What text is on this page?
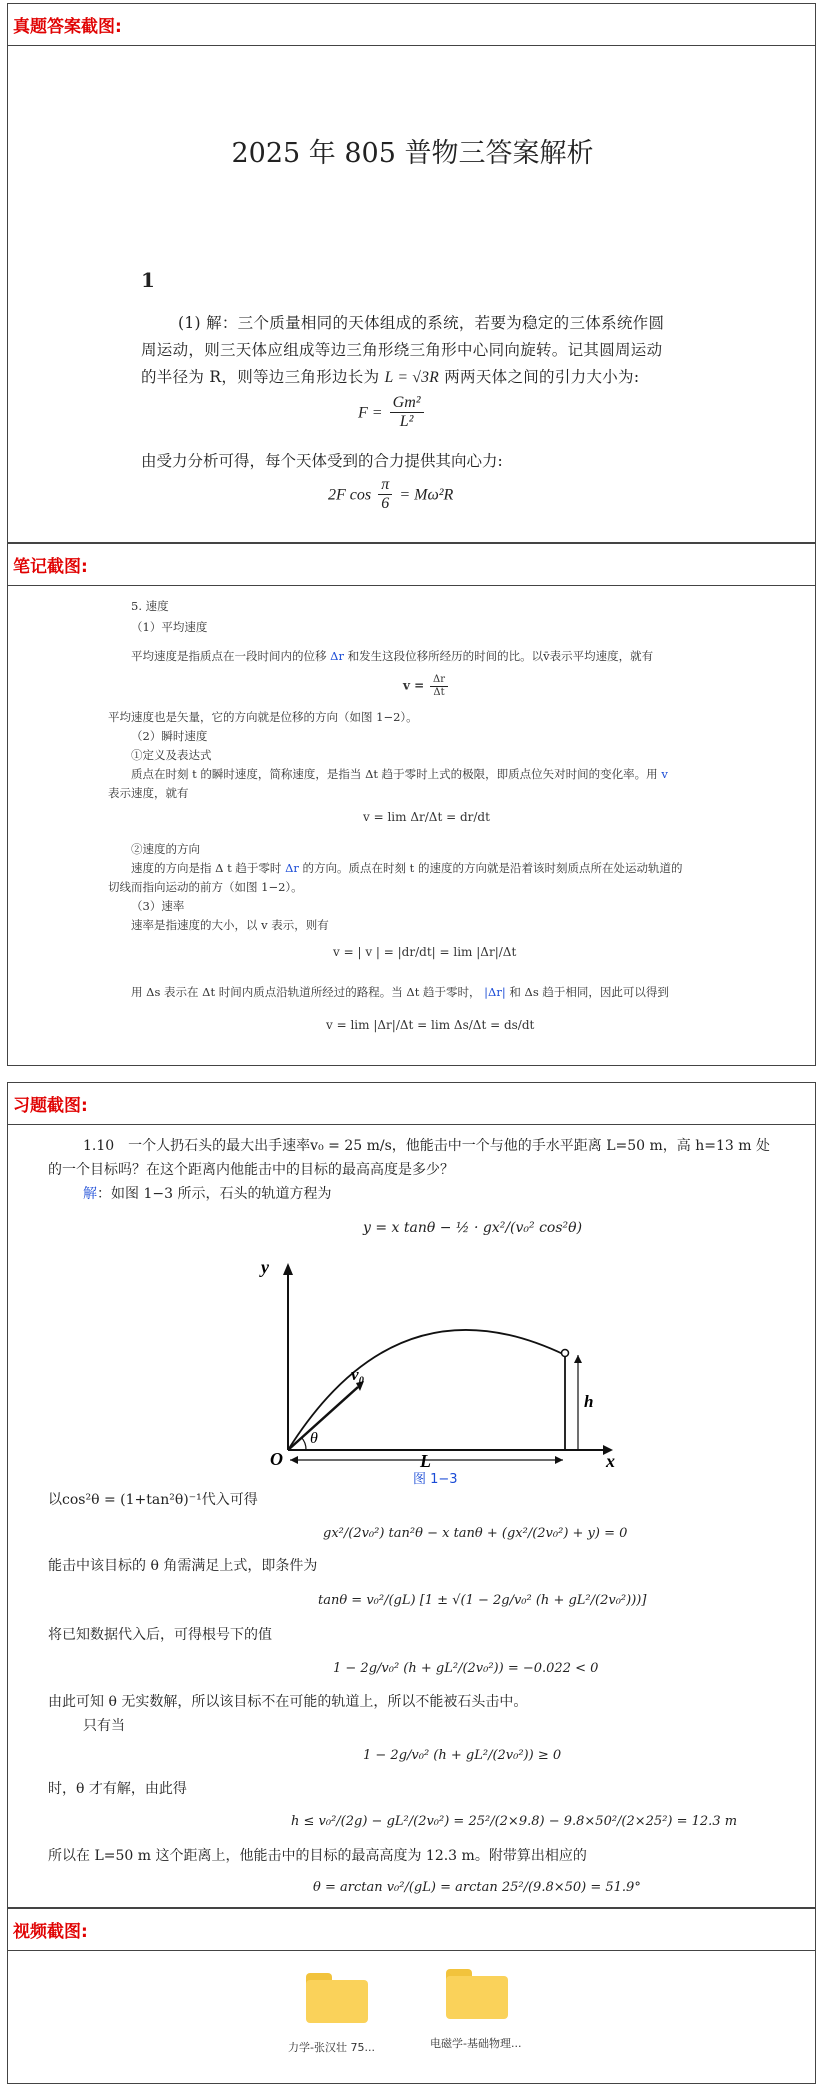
真题答案截图:
2025 年 805 普物三答案解析
1
(1) 解：三个质量相同的天体组成的系统，若要为稳定的三体系统作圆
周运动，则三天体应组成等边三角形绕三角形中心同向旋转。记其圆周运动
的半径为 R，则等边三角形边长为 L = √3R 两两天体之间的引力大小为:
$F = \frac{\text{Gm²}}{\text{L²}}$
由受力分析可得，每个天体受到的合力提供其向心力:
2F $\cos \frac{\pi}{6} = M\omega^2R$
笔记截图:
5. 速度
（1）平均速度
平均速度是指质点在一段时间内的位移 Δr 和发生这段位移所经历的时间的比。以v̄表示平均速度，就有
$v = \frac{\Delta r}{\Delta t}$
平均速度也是矢量，它的方向就是位移的方向（如图 1−2）。
（2）瞬时速度
①定义及表达式
质点在时刻 t 的瞬时速度，简称速度，是指当 Δt 趋于零时上式的极限，即质点位矢对时间的变化率。用 v
表示速度，就有
v = lim Δr/Δt = dr/dt
②速度的方向
速度的方向是指 Δ t 趋于零时 Δr 的方向。质点在时刻 t 的速度的方向就是沿着该时刻质点所在处运动轨道的
切线而指向运动的前方（如图 1−2）。
（3）速率
速率是指速度的大小，以 v 表示，则有
v = | v | = |dr/dt| = lim |Δr|/Δt
用 Δs 表示在 Δt 时间内质点沿轨道所经过的路程。当 Δt 趋于零时， |Δr| 和 Δs 趋于相同，因此可以得到
v = lim |Δr|/Δt = lim Δs/Δt = ds/dt
习题截图:
1.10　一个人扔石头的最大出手速率v₀ = 25 m/s，他能击中一个与他的手水平距离 L=50 m，高 h=13 m 处
的一个目标吗？在这个距离内他能击中的目标的最高高度是多少？
解：如图 1−3 所示，石头的轨道方程为
y = x tanθ − ½ · gx²/(v₀² cos²θ)
y
x
O
v₀
θ
h
L
图 1−3
以cos²θ = (1+tan²θ)⁻¹代入可得
gx²/(2v₀²) tan²θ − x tanθ + (gx²/(2v₀²) + y) = 0
能击中该目标的 θ 角需满足上式，即条件为
tanθ = v₀²/(gL) [1 ± √(1 − 2g/v₀² (h + gL²/(2v₀²)))]
将已知数据代入后，可得根号下的值
1 − 2g/v₀² (h + gL²/(2v₀²)) = −0.022 < 0
由此可知 θ 无实数解，所以该目标不在可能的轨道上，所以不能被石头击中。
只有当
1 − 2g/v₀² (h + gL²/(2v₀²)) ≥ 0
时，θ 才有解，由此得
h ≤ v₀²/(2g) − gL²/(2v₀²) = 25²/(2×9.8) − 9.8×50²/(2×25²) = 12.3 m
所以在 L=50 m 这个距离上，他能击中的目标的最高高度为 12.3 m。附带算出相应的
θ = arctan v₀²/(gL) = arctan 25²/(9.8×50) = 51.9°
视频截图:
力学-张汉壮 75...	电磁学-基础物理...
